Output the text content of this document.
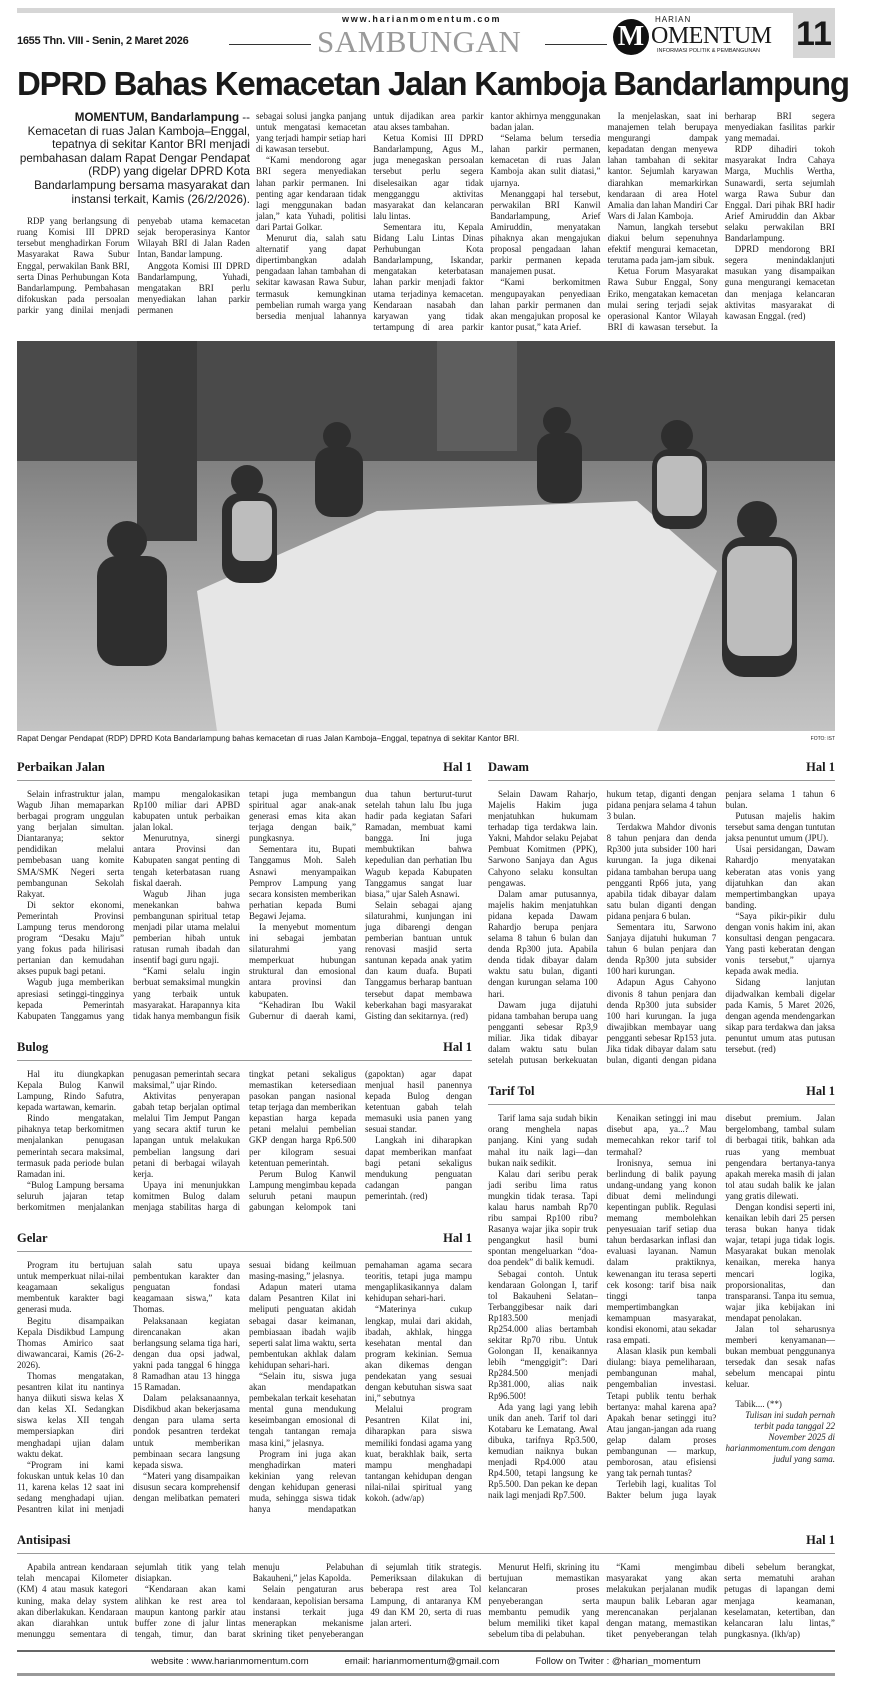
1655 Thn. VIII - Senin, 2 Maret 2026
www.harianmomentum.com
SAMBUNGAN	M
HARIAN
OMENTUM
INFORMASI POLITIK & PEMBANGUNAN 11
DPRD Bahas Kemacetan Jalan Kamboja Bandarlampung

MOMENTUM, Bandarlampung -- Kemacetan di ruas Jalan Kamboja–Enggal, tepatnya di sekitar Kantor BRI menjadi pembahasan dalam Rapat Dengar Pendapat (RDP) yang digelar DPRD Kota Bandarlampung bersama masyarakat dan instansi terkait, Kamis (26/2/2026).

RDP yang berlangsung di ruang Komisi III DPRD tersebut menghadirkan Forum Masyarakat Rawa Subur Enggal, perwakilan Bank BRI, serta Dinas Perhubungan Kota Bandarlampung. Pembahasan difokuskan pada persoalan parkir yang dinilai menjadi penyebab utama kemacetan sejak beroperasinya Kantor Wilayah BRI di Jalan Raden Intan, Bandar lampung.

Anggota Komisi III DPRD Bandarlampung, Yuhadi, mengatakan BRI perlu menyediakan lahan parkir permanen

sebagai solusi jangka panjang untuk mengatasi kemacetan yang terjadi hampir setiap hari di kawasan tersebut.

“Kami mendorong agar BRI segera menyediakan lahan parkir permanen. Ini penting agar kendaraan tidak lagi menggunakan badan jalan,” kata Yuhadi, politisi dari Partai Golkar.

Menurut dia, salah satu alternatif yang dapat dipertimbangkan adalah pengadaan lahan tambahan di sekitar kawasan Rawa Subur, termasuk kemungkinan pembelian rumah warga yang bersedia menjual lahannya untuk dijadikan area parkir atau akses tambahan.

Ketua Komisi III DPRD Bandarlampung, Agus M., juga menegaskan persoalan tersebut perlu segera diselesaikan agar tidak mengganggu aktivitas masyarakat dan kelancaran lalu lintas.

Sementara itu, Kepala Bidang Lalu Lintas Dinas Perhubungan Kota Bandarlampung, Iskandar, mengatakan keterbatasan lahan parkir menjadi faktor utama terjadinya kemacetan. Kendaraan nasabah dan karyawan yang tidak tertampung di area parkir kantor akhirnya menggunakan badan jalan.

“Selama belum tersedia lahan parkir permanen, kemacetan di ruas Jalan Kamboja akan sulit diatasi,” ujarnya.

Menanggapi hal tersebut, perwakilan BRI Kanwil Bandarlampung, Arief Amiruddin, menyatakan pihaknya akan mengajukan proposal pengadaan lahan parkir permanen kepada manajemen pusat.

“Kami berkomitmen mengupayakan penyediaan lahan parkir permanen dan akan mengajukan proposal ke kantor pusat,” kata Arief.

Ia menjelaskan, saat ini manajemen telah berupaya mengurangi dampak kepadatan dengan menyewa lahan tambahan di sekitar kantor. Sejumlah karyawan diarahkan memarkirkan kendaraan di area Hotel Amalia dan lahan Mandiri Car Wars di Jalan Kamboja.

Namun, langkah tersebut diakui belum sepenuhnya efektif mengurai kemacetan, terutama pada jam-jam sibuk.

Ketua Forum Masyarakat Rawa Subur Enggal, Sony Eriko, mengatakan kemacetan mulai sering terjadi sejak operasional Kantor Wilayah BRI di kawasan tersebut. Ia berharap BRI segera menyediakan fasilitas parkir yang memadai.

RDP dihadiri tokoh masyarakat Indra Cahaya Marga, Muchlis Wertha, Sunawardi, serta sejumlah warga Rawa Subur dan Enggal. Dari pihak BRI hadir Arief Amiruddin dan Akbar selaku perwakilan BRI Bandarlampung.

DPRD mendorong BRI segera menindaklanjuti masukan yang disampaikan guna mengurangi kemacetan dan menjaga kelancaran aktivitas masyarakat di kawasan Enggal. (red)

Rapat Dengar Pendapat (RDP) DPRD Kota Bandarlampung bahas kemacetan di ruas Jalan Kamboja–Enggal, tepatnya di sekitar Kantor BRI.	FOTO: IST
Perbaikan Jalan	Hal 1

Selain infrastruktur jalan, Wagub Jihan memaparkan berbagai program unggulan yang berjalan simultan. Diantaranya; sektor pendidikan melalui pembebasan uang komite SMA/SMK Negeri serta pembangunan Sekolah Rakyat.

Di sektor ekonomi, Pemerintah Provinsi Lampung terus mendorong program “Desaku Maju” yang fokus pada hilirisasi pertanian dan kemudahan akses pupuk bagi petani.

Wagub juga memberikan apresiasi setinggi-tingginya kepada Pemerintah Kabupaten Tanggamus yang mampu mengalokasikan Rp100 miliar dari APBD kabupaten untuk perbaikan jalan lokal.

Menurutnya, sinergi antara Provinsi dan Kabupaten sangat penting di tengah keterbatasan ruang fiskal daerah.

Wagub Jihan juga menekankan bahwa pembangunan spiritual tetap menjadi pilar utama melalui pemberian hibah untuk ratusan rumah ibadah dan insentif bagi guru ngaji.

“Kami selalu ingin berbuat semaksimal mungkin yang terbaik untuk masyarakat. Harapannya kita tidak hanya membangun fisik tetapi juga membangun spiritual agar anak-anak generasi emas kita akan terjaga dengan baik,” pungkasnya.

Sementara itu, Bupati Tanggamus Moh. Saleh Asnawi menyampaikan Pemprov Lampung yang secara konsisten memberikan perhatian kepada Bumi Begawi Jejama.

Ia menyebut momentum ini sebagai jembatan silaturahmi yang memperkuat hubungan struktural dan emosional antara provinsi dan kabupaten.

“Kehadiran Ibu Wakil Gubernur di daerah kami, dua tahun berturut-turut setelah tahun lalu Ibu juga hadir pada kegiatan Safari Ramadan, membuat kami bangga. Ini juga membuktikan bahwa kepedulian dan perhatian Ibu Wagub kepada Kabupaten Tanggamus sangat luar biasa,” ujar Saleh Asnawi.

Selain sebagai ajang silaturahmi, kunjungan ini juga dibarengi dengan pemberian bantuan untuk renovasi masjid serta santunan kepada anak yatim dan kaum duafa. Bupati Tanggamus berharap bantuan tersebut dapat membawa keberkahan bagi masyarakat Gisting dan sekitarnya. (red)

Bulog	Hal 1

Hal itu diungkapkan Kepala Bulog Kanwil Lampung, Rindo Safutra, kepada wartawan, kemarin.

Rindo mengatakan, pihaknya tetap berkomitmen menjalankan penugasan pemerintah secara maksimal, termasuk pada periode bulan Ramadan ini.

“Bulog Lampung bersama seluruh jajaran tetap berkomitmen menjalankan penugasan pemerintah secara maksimal,” ujar Rindo.

Aktivitas penyerapan gabah tetap berjalan optimal melalui Tim Jemput Pangan yang secara aktif turun ke lapangan untuk melakukan pembelian langsung dari petani di berbagai wilayah kerja.

Upaya ini menunjukkan komitmen Bulog dalam menjaga stabilitas harga di tingkat petani sekaligus memastikan ketersediaan pasokan pangan nasional tetap terjaga dan memberikan kepastian harga kepada petani melalui pembelian GKP dengan harga Rp6.500 per kilogram sesuai ketentuan pemerintah.

Perum Bulog Kanwil Lampung mengimbau kepada seluruh petani maupun gabungan kelompok tani (gapoktan) agar dapat menjual hasil panennya kepada Bulog dengan ketentuan gabah telah memasuki usia panen yang sesuai standar.

Langkah ini diharapkan dapat memberikan manfaat bagi petani sekaligus mendukung penguatan cadangan pangan pemerintah. (red)

Gelar	Hal 1

Program itu bertujuan untuk memperkuat nilai-nilai keagamaan sekaligus membentuk karakter bagi generasi muda.

Begitu disampaikan Kepala Disdikbud Lampung Thomas Amirico saat diwawancarai, Kamis (26-2-2026).

Thomas mengatakan, pesantren kilat itu nantinya hanya diikuti siswa kelas X dan kelas XI. Sedangkan siswa kelas XII tengah mempersiapkan diri menghadapi ujian dalam waktu dekat.

“Program ini kami fokuskan untuk kelas 10 dan 11, karena kelas 12 saat ini sedang menghadapi ujian. Pesantren kilat ini menjadi salah satu upaya pembentukan karakter dan penguatan fondasi keagamaan siswa,” kata Thomas.

Pelaksanaan kegiatan direncanakan akan berlangsung selama tiga hari, dengan dua opsi jadwal, yakni pada tanggal 6 hingga 8 Ramadhan atau 13 hingga 15 Ramadan.

Dalam pelaksanaannya, Disdikbud akan bekerjasama dengan para ulama serta pondok pesantren terdekat untuk memberikan pembinaan secara langsung kepada siswa.

“Materi yang disampaikan disusun secara komprehensif dengan melibatkan pemateri sesuai bidang keilmuan masing-masing,” jelasnya.

Adapun materi utama dalam Pesantren Kilat ini meliputi penguatan akidah sebagai dasar keimanan, pembiasaan ibadah wajib seperti salat lima waktu, serta pembentukan akhlak dalam kehidupan sehari-hari.

“Selain itu, siswa juga akan mendapatkan pembekalan terkait kesehatan mental guna mendukung keseimbangan emosional di tengah tantangan remaja masa kini,” jelasnya.

Program ini juga akan menghadirkan materi kekinian yang relevan dengan kehidupan generasi muda, sehingga siswa tidak hanya mendapatkan pemahaman agama secara teoritis, tetapi juga mampu mengaplikasikannya dalam kehidupan sehari-hari.

“Materinya cukup lengkap, mulai dari akidah, ibadah, akhlak, hingga kesehatan mental dan program kekinian. Semua akan dikemas dengan pendekatan yang sesuai dengan kebutuhan siswa saat ini,” sebutnya

Melalui program Pesantren Kilat ini, diharapkan para siswa memiliki fondasi agama yang kuat, berakhlak baik, serta mampu menghadapi tantangan kehidupan dengan nilai-nilai spiritual yang kokoh. (adw/ap)

Dawam	Hal 1

Selain Dawam Raharjo, Majelis Hakim juga menjatuhkan hukumam terhadap tiga terdakwa lain. Yakni, Mahdor selaku Pejabat Pembuat Komitmen (PPK), Sarwono Sanjaya dan Agus Cahyono selaku konsultan pengawas.

Dalam amar putusannya, majelis hakim menjatuhkan pidana kepada Dawam Rahardjo berupa penjara selama 8 tahun 6 bulan dan denda Rp300 juta. Apabila denda tidak dibayar dalam waktu satu bulan, diganti dengan kurungan selama 100 hari.

Dawam juga dijatuhi pidana tambahan berupa uang pengganti sebesar Rp3,9 miliar. Jika tidak dibayar dalam waktu satu bulan setelah putusan berkekuatan hukum tetap, diganti dengan pidana penjara selama 4 tahun 3 bulan.

Terdakwa Mahdor divonis 8 tahun penjara dan denda Rp300 juta subsider 100 hari kurungan. Ia juga dikenai pidana tambahan berupa uang pengganti Rp66 juta, yang apabila tidak dibayar dalam satu bulan diganti dengan pidana penjara 6 bulan.

Sementara itu, Sarwono Sanjaya dijatuhi hukuman 7 tahun 6 bulan penjara dan denda Rp300 juta subsider 100 hari kurungan.

Adapun Agus Cahyono divonis 8 tahun penjara dan denda Rp300 juta subsider 100 hari kurungan. Ia juga diwajibkan membayar uang pengganti sebesar Rp153 juta. Jika tidak dibayar dalam satu bulan, diganti dengan pidana penjara selama 1 tahun 6 bulan.

Putusan majelis hakim tersebut sama dengan tuntutan jaksa penuntut umum (JPU).

Usai persidangan, Dawam Rahardjo menyatakan keberatan atas vonis yang dijatuhkan dan akan mempertimbangkan upaya banding.

“Saya pikir-pikir dulu dengan vonis hakim ini, akan konsultasi dengan pengacara. Yang pasti keberatan dengan vonis tersebut,” ujarnya kepada awak media.

Sidang lanjutan dijadwalkan kembali digelar pada Kamis, 5 Maret 2026, dengan agenda mendengarkan sikap para terdakwa dan jaksa penuntut umum atas putusan tersebut. (red)

Tarif Tol	Hal 1

Tarif lama saja sudah bikin orang menghela napas panjang. Kini yang sudah mahal itu naik lagi—dan bukan naik sedikit.

Kalau dari seribu perak jadi seribu lima ratus mungkin tidak terasa. Tapi kalau harus nambah Rp70 ribu sampai Rp100 ribu? Rasanya wajar jika sopir truk pengangkut hasil bumi spontan mengeluarkan “doa-doa pendek” di balik kemudi.

Sebagai contoh. Untuk kendaraan Golongan I, tarif tol Bakauheni Selatan–Terbanggibesar naik dari Rp183.500 menjadi Rp254.000 alias bertambah sekitar Rp70 ribu. Untuk Golongan II, kenaikannya lebih “menggigit”: Dari Rp284.500 menjadi Rp381.000, alias naik Rp96.500!

Ada yang lagi yang lebih unik dan aneh. Tarif tol dari Kotabaru ke Lematang. Awal dibuka, tarifnya Rp3.500, kemudian naiknya bukan menjadi Rp4.000 atau Rp4.500, tetapi langsung ke Rp5.500. Dan pekan ke depan naik lagi menjadi Rp7.500.

Kenaikan setinggi ini mau disebut apa, ya...? Mau memecahkan rekor tarif tol termahal?

Ironisnya, semua ini berlindung di balik payung undang-undang yang konon dibuat demi melindungi kepentingan publik. Regulasi memang membolehkan penyesuaian tarif setiap dua tahun berdasarkan inflasi dan evaluasi layanan. Namun dalam praktiknya, kewenangan itu terasa seperti cek kosong: tarif bisa naik tinggi tanpa mempertimbangkan kemampuan masyarakat, kondisi ekonomi, atau sekadar rasa empati.

Alasan klasik pun kembali diulang: biaya pemeliharaan, pembangunan mahal, pengembalian investasi. Tetapi publik tentu berhak bertanya: mahal karena apa? Apakah benar setinggi itu? Atau jangan-jangan ada ruang gelap dalam proses pembangunan — markup, pemborosan, atau efisiensi yang tak pernah tuntas?

Terlebih lagi, kualitas Tol Bakter belum juga layak disebut premium. Jalan bergelombang, tambal sulam di berbagai titik, bahkan ada ruas yang membuat pengendara bertanya-tanya apakah mereka masih di jalan tol atau sudah balik ke jalan yang gratis dilewati.

Dengan kondisi seperti ini, kenaikan lebih dari 25 persen terasa bukan hanya tidak wajar, tetapi juga tidak logis. Masyarakat bukan menolak kenaikan, mereka hanya mencari logika, proporsionalitas, dan transparansi. Tanpa itu semua, wajar jika kebijakan ini mendapat penolakan.

Jalan tol seharusnya memberi kenyamanan—bukan membuat penggunanya tersedak dan sesak nafas sebelum mencapai pintu keluar.

Tabik.... (**)

Tulisan ini sudah pernah terbit pada tanggal 22 November 2025 di harianmomentum.com dengan judul yang sama.

Antisipasi	Hal 1

Apabila antrean kendaraan telah mencapai Kilometer (KM) 4 atau masuk kategori kuning, maka delay system akan diberlakukan. Kendaraan akan diarahkan untuk menunggu sementara di sejumlah titik yang telah disiapkan.

“Kendaraan akan kami alihkan ke rest area tol maupun kantong parkir atau buffer zone di jalur lintas tengah, timur, dan barat menuju Pelabuhan Bakauheni,” jelas Kapolda.

Selain pengaturan arus kendaraan, kepolisian bersama instansi terkait juga menerapkan mekanisme skrining tiket penyeberangan di sejumlah titik strategis. Pemeriksaan dilakukan di beberapa rest area Tol Lampung, di antaranya KM 49 dan KM 20, serta di ruas jalan arteri.

Menurut Helfi, skrining itu bertujuan memastikan kelancaran proses penyeberangan serta membantu pemudik yang belum memiliki tiket kapal sebelum tiba di pelabuhan.

“Kami mengimbau masyarakat yang akan melakukan perjalanan mudik maupun balik Lebaran agar merencanakan perjalanan dengan matang, memastikan tiket penyeberangan telah dibeli sebelum berangkat, serta mematuhi arahan petugas di lapangan demi menjaga keamanan, keselamatan, ketertiban, dan kelancaran lalu lintas,” pungkasnya. (lkh/ap)

website : www.harianmomentum.com	email: harianmomentum@gmail.com	Follow on Twiter : @harian_momentum
